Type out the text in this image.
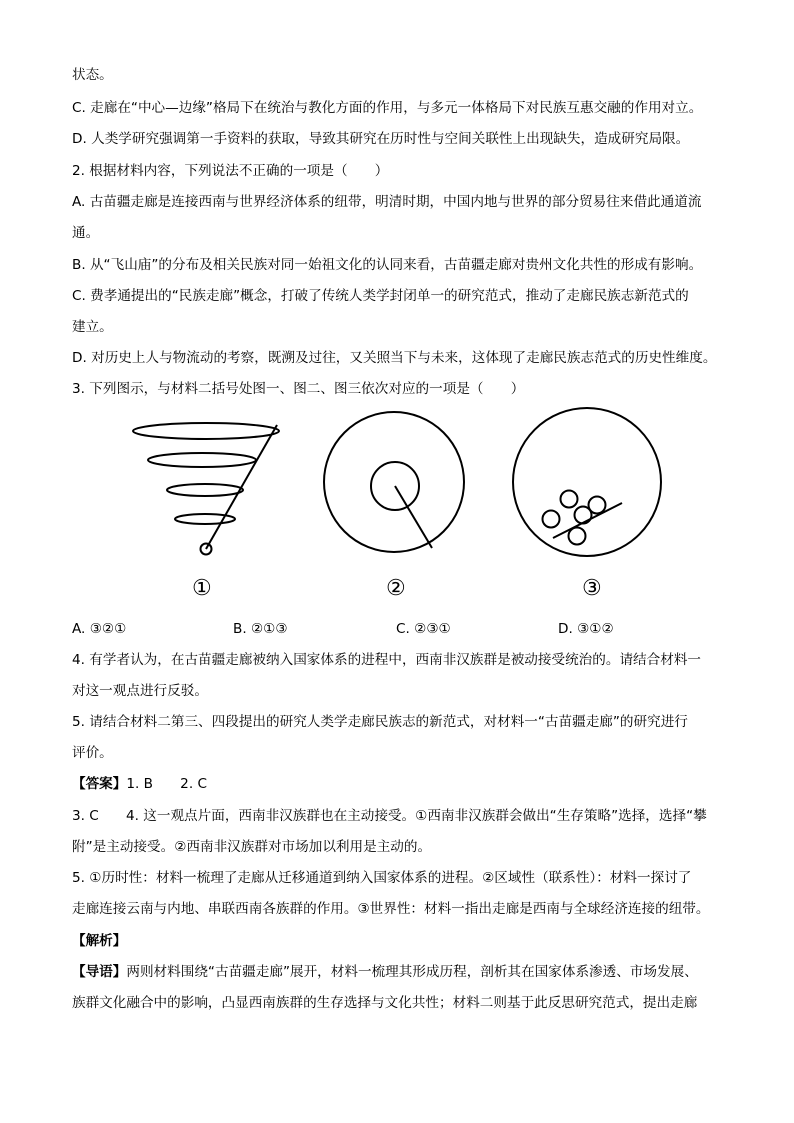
状态。
C. 走廊在“中心—边缘”格局下在统治与教化方面的作用，与多元一体格局下对民族互惠交融的作用对立。
D. 人类学研究强调第一手资料的获取，导致其研究在历时性与空间关联性上出现缺失，造成研究局限。
2. 根据材料内容，下列说法不正确的一项是（　　）
A. 古苗疆走廊是连接西南与世界经济体系的纽带，明清时期，中国内地与世界的部分贸易往来借此通道流
通。
B. 从“飞山庙”的分布及相关民族对同一始祖文化的认同来看，古苗疆走廊对贵州文化共性的形成有影响。
C. 费孝通提出的“民族走廊”概念，打破了传统人类学封闭单一的研究范式，推动了走廊民族志新范式的
建立。
D. 对历史上人与物流动的考察，既溯及过往，又关照当下与未来，这体现了走廊民族志范式的历史性维度。
3. 下列图示，与材料二括号处图一、图二、图三依次对应的一项是（　　）
①	②	③
A. ③②①	B. ②①③	C. ②③①	D. ③①②
4. 有学者认为，在古苗疆走廊被纳入国家体系的进程中，西南非汉族群是被动接受统治的。请结合材料一
对这一观点进行反驳。
5. 请结合材料二第三、四段提出的研究人类学走廊民族志的新范式，对材料一“古苗疆走廊”的研究进行
评价。
【答案】1. B　　2. C
3. C　　4. 这一观点片面，西南非汉族群也在主动接受。①西南非汉族群会做出“生存策略”选择，选择“攀
附”是主动接受。②西南非汉族群对市场加以利用是主动的。
5. ①历时性：材料一梳理了走廊从迁移通道到纳入国家体系的进程。②区域性（联系性）：材料一探讨了
走廊连接云南与内地、串联西南各族群的作用。③世界性：材料一指出走廊是西南与全球经济连接的纽带。
【解析】
【导语】两则材料围绕“古苗疆走廊”展开，材料一梳理其形成历程，剖析其在国家体系渗透、市场发展、
族群文化融合中的影响，凸显西南族群的生存选择与文化共性；材料二则基于此反思研究范式，提出走廊
